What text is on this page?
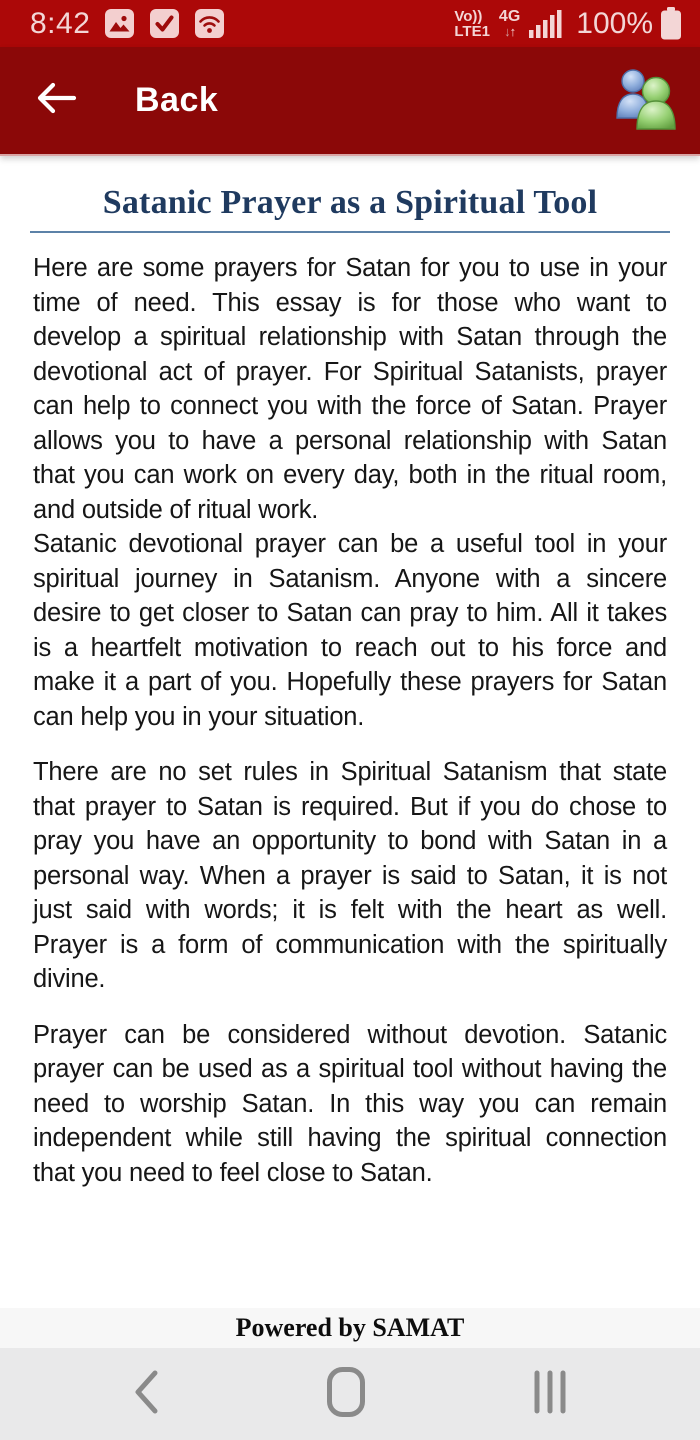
8:42	Vo))
LTE1
4G
↓↑ 100%
Back
Satanic Prayer as a Spiritual Tool

Here are some prayers for Satan for you to use in your time of need. This essay is for those who want to develop a spiritual relationship with Satan through the devotional act of prayer. For Spiritual Satanists, prayer can help to connect you with the force of Satan. Prayer allows you to have a personal relationship with Satan that you can work on every day, both in the ritual room, and outside of ritual work.

Satanic devotional prayer can be a useful tool in your spiritual journey in Satanism. Anyone with a sincere desire to get closer to Satan can pray to him. All it takes is a heartfelt motivation to reach out to his force and make it a part of you. Hopefully these prayers for Satan can help you in your situation.

There are no set rules in Spiritual Satanism that state that prayer to Satan is required. But if you do chose to pray you have an opportunity to bond with Satan in a personal way. When a prayer is said to Satan, it is not just said with words; it is felt with the heart as well. Prayer is a form of communication with the spiritually divine.

Prayer can be considered without devotion. Satanic prayer can be used as a spiritual tool without having the need to worship Satan. In this way you can remain independent while still having the spiritual connection that you need to feel close to Satan.

Powered by SAMAT
